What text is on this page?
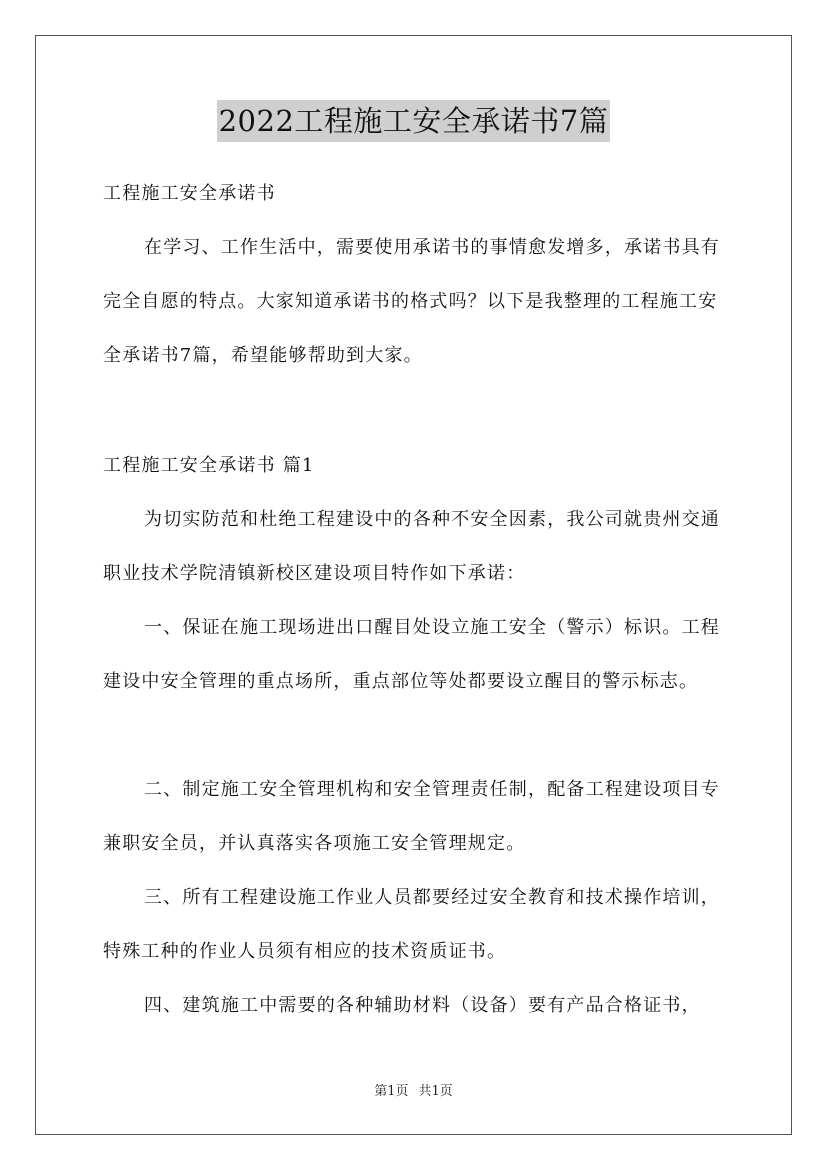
2022工程施工安全承诺书7篇

工程施工安全承诺书

在学习、工作生活中，需要使用承诺书的事情愈发增多，承诺书具有完全自愿的特点。大家知道承诺书的格式吗？以下是我整理的工程施工安全承诺书7篇，希望能够帮助到大家。

工程施工安全承诺书 篇1

为切实防范和杜绝工程建设中的各种不安全因素，我公司就贵州交通职业技术学院清镇新校区建设项目特作如下承诺：

一、保证在施工现场进出口醒目处设立施工安全（警示）标识。工程建设中安全管理的重点场所，重点部位等处都要设立醒目的警示标志。

二、制定施工安全管理机构和安全管理责任制，配备工程建设项目专兼职安全员，并认真落实各项施工安全管理规定。

三、所有工程建设施工作业人员都要经过安全教育和技术操作培训，特殊工种的作业人员须有相应的技术资质证书。

四、建筑施工中需要的各种辅助材料（设备）要有产品合格证书，

第1页 共1页
